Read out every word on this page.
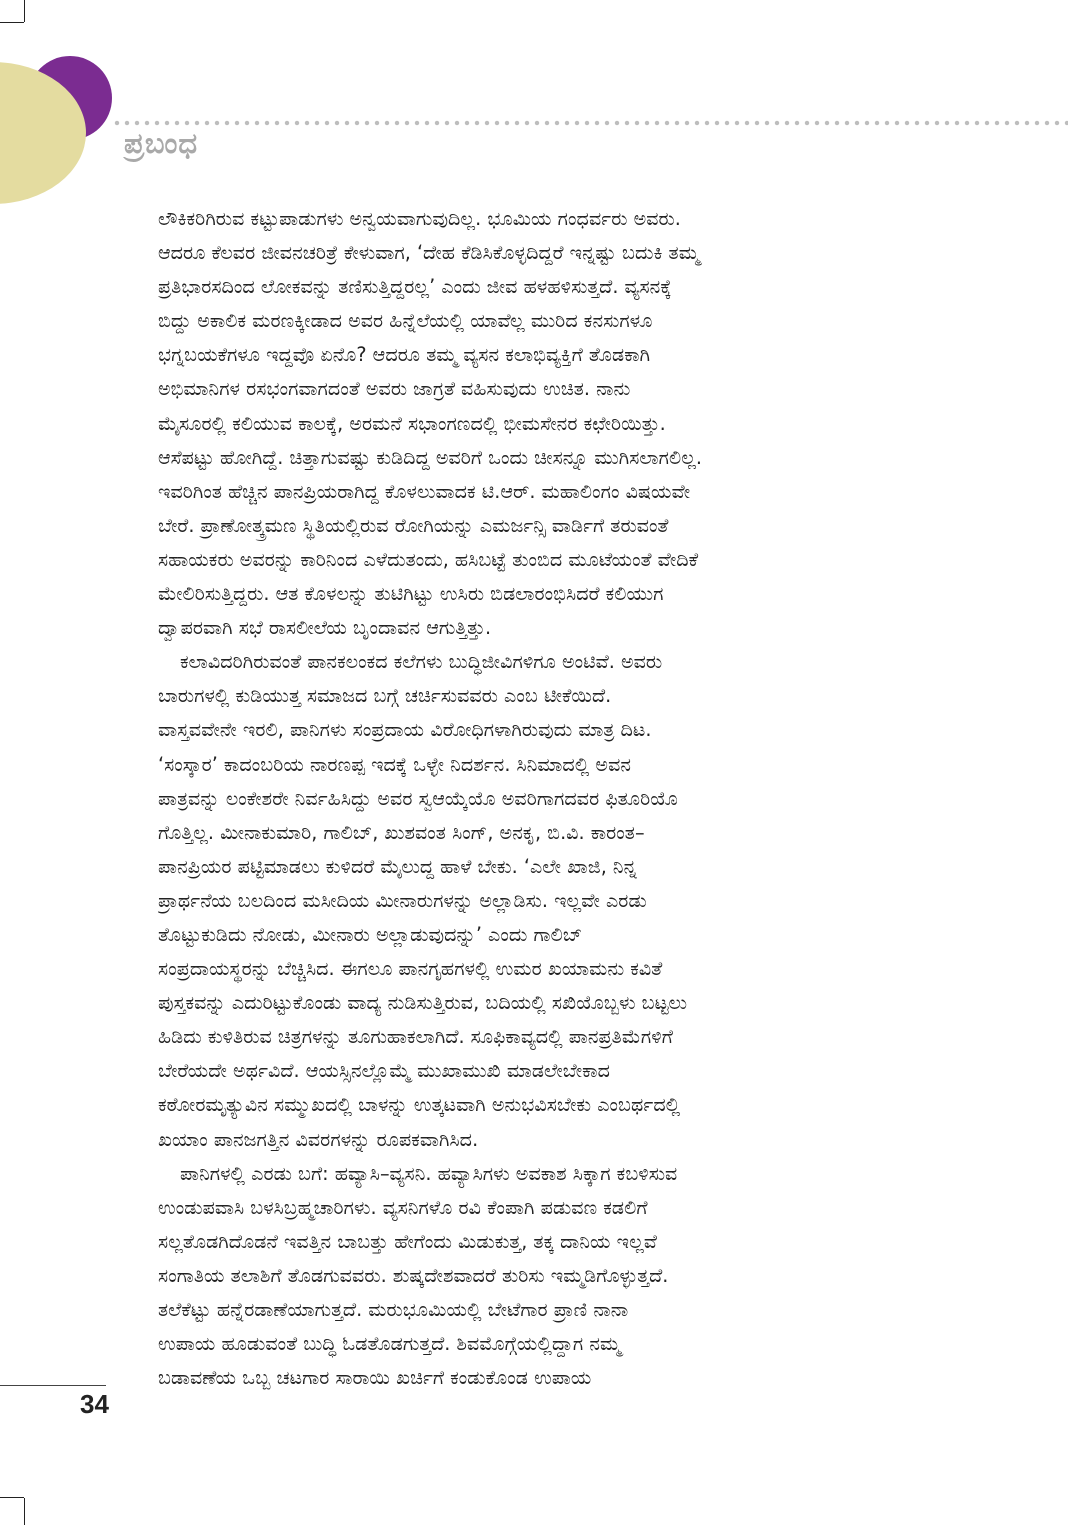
ಪ್ರಬಂಧ
ಲೌಕಿಕರಿಗಿರುವ ಕಟ್ಟುಪಾಡುಗಳು ಅನ್ವಯವಾಗುವುದಿಲ್ಲ. ಭೂಮಿಯ ಗಂಧರ್ವರು ಅವರು.
ಆದರೂ ಕೆಲವರ ಜೀವನಚರಿತ್ರೆ ಕೇಳುವಾಗ, ‘ದೇಹ ಕೆಡಿಸಿಕೊಳ್ಳದಿದ್ದರೆ ಇನ್ನಷ್ಟು ಬದುಕಿ ತಮ್ಮ
ಪ್ರತಿಭಾರಸದಿಂದ ಲೋಕವನ್ನು ತಣಿಸುತ್ತಿದ್ದರಲ್ಲ’ ಎಂದು ಜೀವ ಹಳಹಳಿಸುತ್ತದೆ. ವ್ಯಸನಕ್ಕೆ
ಬಿದ್ದು ಅಕಾಲಿಕ ಮರಣಕ್ಕೀಡಾದ ಅವರ ಹಿನ್ನೆಲೆಯಲ್ಲಿ ಯಾವೆಲ್ಲ ಮುರಿದ ಕನಸುಗಳೂ
ಭಗ್ನಬಯಕೆಗಳೂ ಇದ್ದವೊ ಏನೊ? ಆದರೂ ತಮ್ಮ ವ್ಯಸನ ಕಲಾಭಿವ್ಯಕ್ತಿಗೆ ತೊಡಕಾಗಿ
ಅಭಿಮಾನಿಗಳ ರಸಭಂಗವಾಗದಂತೆ ಅವರು ಜಾಗ್ರತೆ ವಹಿಸುವುದು ಉಚಿತ. ನಾನು
ಮೈಸೂರಲ್ಲಿ ಕಲಿಯುವ ಕಾಲಕ್ಕೆ, ಅರಮನೆ ಸಭಾಂಗಣದಲ್ಲಿ ಭೀಮಸೇನರ ಕಛೇರಿಯಿತ್ತು.
ಆಸೆಪಟ್ಟು ಹೋಗಿದ್ದೆ. ಚಿತ್ತಾಗುವಷ್ಟು ಕುಡಿದಿದ್ದ ಅವರಿಗೆ ಒಂದು ಚೀಸನ್ನೂ ಮುಗಿಸಲಾಗಲಿಲ್ಲ.
ಇವರಿಗಿಂತ ಹೆಚ್ಚಿನ ಪಾನಪ್ರಿಯರಾಗಿದ್ದ ಕೊಳಲುವಾದಕ ಟಿ.ಆರ್. ಮಹಾಲಿಂಗಂ ವಿಷಯವೇ
ಬೇರೆ. ಪ್ರಾಣೋತ್ಕ್ರಮಣ ಸ್ಥಿತಿಯಲ್ಲಿರುವ ರೋಗಿಯನ್ನು ಎಮರ್ಜನ್ಸಿ ವಾರ್ಡಿಗೆ ತರುವಂತೆ
ಸಹಾಯಕರು ಅವರನ್ನು ಕಾರಿನಿಂದ ಎಳೆದುತಂದು, ಹಸಿಬಟ್ಟೆ ತುಂಬಿದ ಮೂಟೆಯಂತೆ ವೇದಿಕೆ
ಮೇಲಿರಿಸುತ್ತಿದ್ದರು. ಆತ ಕೊಳಲನ್ನು ತುಟಿಗಿಟ್ಟು ಉಸಿರು ಬಿಡಲಾರಂಭಿಸಿದರೆ ಕಲಿಯುಗ
ದ್ವಾಪರವಾಗಿ ಸಭೆ ರಾಸಲೀಲೆಯ ಬೃಂದಾವನ ಆಗುತ್ತಿತ್ತು.
ಕಲಾವಿದರಿಗಿರುವಂತೆ ಪಾನಕಲಂಕದ ಕಲೆಗಳು ಬುದ್ಧಿಜೀವಿಗಳಿಗೂ ಅಂಟಿವೆ. ಅವರು
ಬಾರುಗಳಲ್ಲಿ ಕುಡಿಯುತ್ತ ಸಮಾಜದ ಬಗ್ಗೆ ಚರ್ಚಿಸುವವರು ಎಂಬ ಟೀಕೆಯಿದೆ.
ವಾಸ್ತವವೇನೇ ಇರಲಿ, ಪಾನಿಗಳು ಸಂಪ್ರದಾಯ ವಿರೋಧಿಗಳಾಗಿರುವುದು ಮಾತ್ರ ದಿಟ.
‘ಸಂಸ್ಕಾರ’ ಕಾದಂಬರಿಯ ನಾರಣಪ್ಪ ಇದಕ್ಕೆ ಒಳ್ಳೇ ನಿದರ್ಶನ. ಸಿನಿಮಾದಲ್ಲಿ ಅವನ
ಪಾತ್ರವನ್ನು ಲಂಕೇಶರೇ ನಿರ್ವಹಿಸಿದ್ದು ಅವರ ಸ್ವಆಯ್ಕೆಯೊ ಅವರಿಗಾಗದವರ ಫಿತೂರಿಯೊ
ಗೊತ್ತಿಲ್ಲ. ಮೀನಾಕುಮಾರಿ, ಗಾಲಿಬ್, ಖುಶವಂತ ಸಿಂಗ್, ಅನಕೃ, ಬಿ.ವಿ. ಕಾರಂತ–
ಪಾನಪ್ರಿಯರ ಪಟ್ಟಿಮಾಡಲು ಕುಳಿದರೆ ಮೈಲುದ್ದ ಹಾಳೆ ಬೇಕು. ‘ಎಲೇ ಖಾಜಿ, ನಿನ್ನ
ಪ್ರಾರ್ಥನೆಯ ಬಲದಿಂದ ಮಸೀದಿಯ ಮೀನಾರುಗಳನ್ನು ಅಲ್ಲಾಡಿಸು. ಇಲ್ಲವೇ ಎರಡು
ತೊಟ್ಟುಕುಡಿದು ನೋಡು, ಮೀನಾರು ಅಲ್ಲಾಡುವುದನ್ನು’ ಎಂದು ಗಾಲಿಬ್
ಸಂಪ್ರದಾಯಸ್ಥರನ್ನು ಬೆಚ್ಚಿಸಿದ. ಈಗಲೂ ಪಾನಗೃಹಗಳಲ್ಲಿ ಉಮರ ಖಯಾಮನು ಕವಿತೆ
ಪುಸ್ತಕವನ್ನು ಎದುರಿಟ್ಟುಕೊಂಡು ವಾದ್ಯ ನುಡಿಸುತ್ತಿರುವ, ಬದಿಯಲ್ಲಿ ಸಖಿಯೊಬ್ಬಳು ಬಟ್ಟಲು
ಹಿಡಿದು ಕುಳಿತಿರುವ ಚಿತ್ರಗಳನ್ನು ತೂಗುಹಾಕಲಾಗಿದೆ. ಸೂಫಿಕಾವ್ಯದಲ್ಲಿ ಪಾನಪ್ರತಿಮೆಗಳಿಗೆ
ಬೇರೆಯದೇ ಅರ್ಥವಿದೆ. ಆಯಸ್ಸಿನಲ್ಲೊಮ್ಮೆ ಮುಖಾಮುಖಿ ಮಾಡಲೇಬೇಕಾದ
ಕಠೋರಮೃತ್ಯುವಿನ ಸಮ್ಮುಖದಲ್ಲಿ ಬಾಳನ್ನು ಉತ್ಕಟವಾಗಿ ಅನುಭವಿಸಬೇಕು ಎಂಬರ್ಥದಲ್ಲಿ
ಖಯಾಂ ಪಾನಜಗತ್ತಿನ ವಿವರಗಳನ್ನು ರೂಪಕವಾಗಿಸಿದ.
ಪಾನಿಗಳಲ್ಲಿ ಎರಡು ಬಗೆ: ಹವ್ಯಾಸಿ–ವ್ಯಸನಿ. ಹವ್ಯಾಸಿಗಳು ಅವಕಾಶ ಸಿಕ್ಕಾಗ ಕಬಳಿಸುವ
ಉಂಡುಪವಾಸಿ ಬಳಸಿಬ್ರಹ್ಮಚಾರಿಗಳು. ವ್ಯಸನಿಗಳೊ ರವಿ ಕೆಂಪಾಗಿ ಪಡುವಣ ಕಡಲಿಗೆ
ಸಲ್ಲತೊಡಗಿದೊಡನೆ ಇವತ್ತಿನ ಬಾಬತ್ತು ಹೇಗೆಂದು ಮಿಡುಕುತ್ತ, ತಕ್ಕ ದಾನಿಯ ಇಲ್ಲವೆ
ಸಂಗಾತಿಯ ತಲಾಶಿಗೆ ತೊಡಗುವವರು. ಶುಷ್ಕದೇಶವಾದರೆ ತುರಿಸು ಇಮ್ಮಡಿಗೊಳ್ಳುತ್ತದೆ.
ತಲೆಕೆಟ್ಟು ಹನ್ನೆರಡಾಣೆಯಾಗುತ್ತದೆ. ಮರುಭೂಮಿಯಲ್ಲಿ ಬೇಟೆಗಾರ ಪ್ರಾಣಿ ನಾನಾ
ಉಪಾಯ ಹೂಡುವಂತೆ ಬುದ್ಧಿ ಓಡತೊಡಗುತ್ತದೆ. ಶಿವಮೊಗ್ಗೆಯಲ್ಲಿದ್ದಾಗ ನಮ್ಮ
ಬಡಾವಣೆಯ ಒಬ್ಬ ಚಟಗಾರ ಸಾರಾಯಿ ಖರ್ಚಿಗೆ ಕಂಡುಕೊಂಡ ಉಪಾಯ
34
